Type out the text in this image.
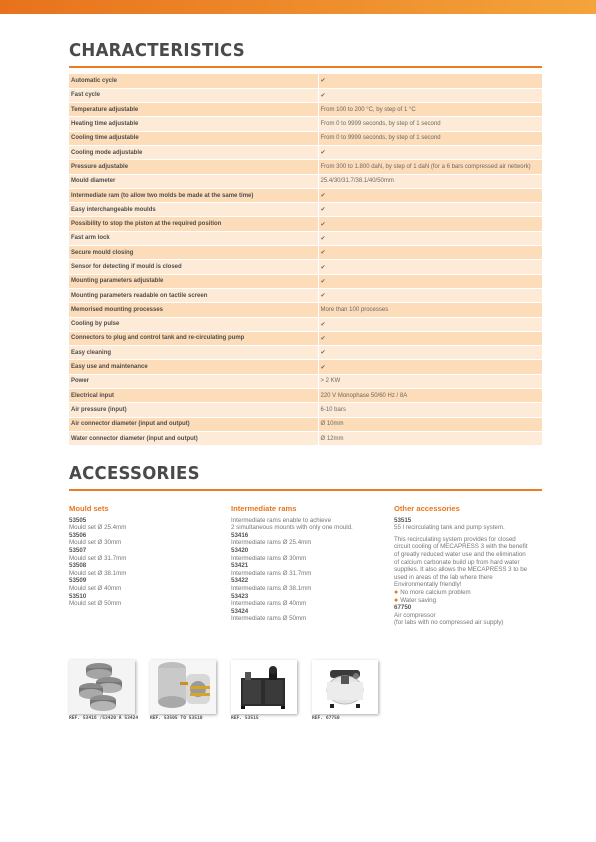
CHARACTERISTICS
Automatic cycle	✔
Fast cycle	✔
Temperature adjustable	From 100 to 200 °C, by step of 1 °C
Heating time adjustable	From 0 to 9999 seconds, by step of 1 second
Cooling time adjustable	From 0 to 9999 seconds, by step of 1 second
Cooling mode adjustable	✔
Pressure adjustable	From 300 to 1.800 daN, by step of 1 daN (for a 6 bars compressed air network)
Mould diameter	25.4/30/31.7/38.1/40/50mm
Intermediate ram (to allow two molds be made at the same time)	✔
Easy interchangeable moulds	✔
Possibility to stop the piston at the required position	✔
Fast arm lock	✔
Secure mould closing	✔
Sensor for detecting if mould is closed	✔
Mounting parameters adjustable	✔
Mounting parameters readable on tactile screen	✔
Memorised mounting processes	More than 100 processes
Cooling by pulse	✔
Connectors to plug and control tank and re-circulating pump	✔
Easy cleaning	✔
Easy use and maintenance	✔
Power	> 2 KW
Electrical input	220 V Monophase 50/60 Hz / 8A
Air pressure (input)	6-10 bars
Air connector diameter (input and output)	Ø 10mm
Water connector diameter (input and output)	Ø 12mm
ACCESSORIES
Mould sets
53505
Mould set Ø 25.4mm
53506
Mould set Ø 30mm
53507
Mould set Ø 31.7mm
53508
Mould set Ø 38.1mm
53509
Mould set Ø 40mm
53510
Mould set Ø 50mm
Intermediate rams
Intermediate rams enable to achieve
2 simultaneous mounts with only one mould.
53416
Intermediate rams Ø 25.4mm
53420
Intermediate rams Ø 30mm
53421
Intermediate rams Ø 31.7mm
53422
Intermediate rams Ø 38.1mm
53423
Intermediate rams Ø 40mm
53424
Intermediate rams Ø 50mm
Other accessories
53515
55 l recirculating tank and pump system.
This recirculating system provides for closed
circuit cooling of MECAPRESS 3 with the benefit
of greatly reduced water use and the elimination
of calcium carbonate build up from hard water
supplies. It also allows the MECAPRESS 3 to be
used in areas of the lab where there
Environmentally friendly!
● No more calcium problem
● Water saving
67750
Air compressor
(for labs with no compressed air supply)
REF. 53416 /53420 À 53424	REF. 53505 TO 53510	REF. 53515	REF. 67750
